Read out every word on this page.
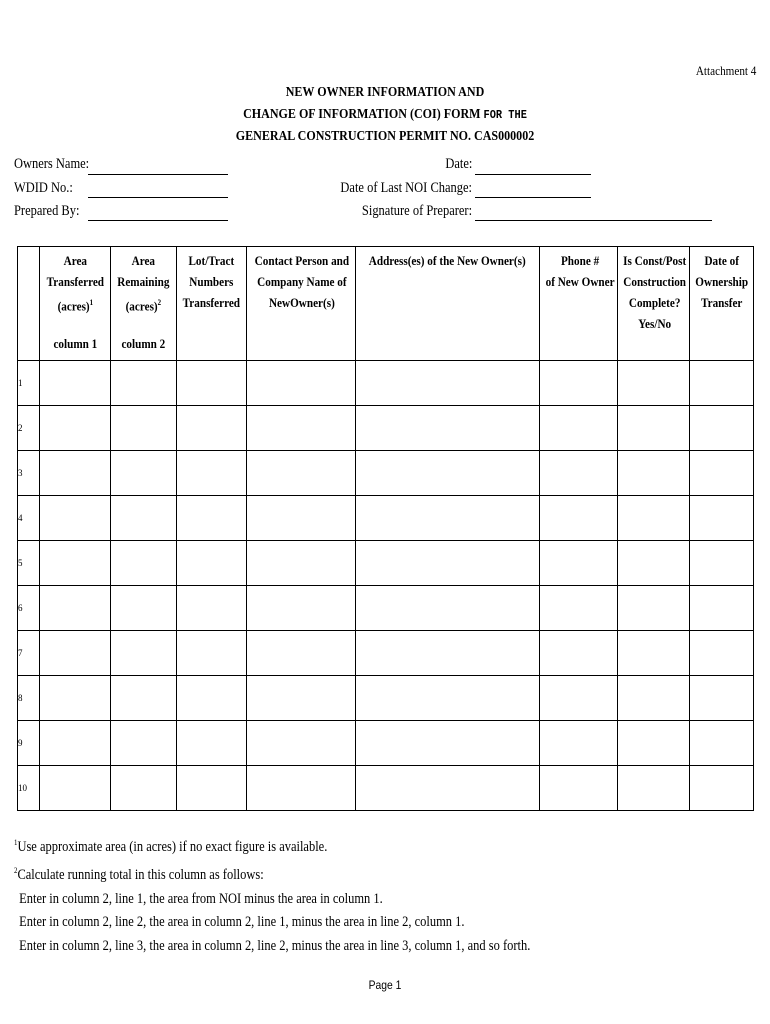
Attachment 4
NEW OWNER INFORMATION AND
CHANGE OF INFORMATION (COI) FORM FOR THE
GENERAL CONSTRUCTION PERMIT NO. CAS000002
Owners Name:
WDID No.:
Prepared By:
Date:
Date of Last NOI Change:
Signature of Preparer:
	Area
Transferred
(acres)$^1$
column 1	Area
Remaining
(acres)$^2$
column 2	Lot/Tract
Numbers
Transferred	Contact Person and
Company Name of
NewOwner(s)	Address(es) of the New Owner(s)	Phone #
of New Owner	Is Const/Post
Construction
Complete?
Yes/No	Date of
Ownership
Transfer
1								
2								
3								
4								
5								
6								
7								
8								
9								
10								
$^1$Use approximate area (in acres) if no exact figure is available.
$^2$Calculate running total in this column as follows:
Enter in column 2, line 1, the area from NOI minus the area in column 1.
Enter in column 2, line 2, the area in column 2, line 1, minus the area in line 2, column 1.
Enter in column 2, line 3, the area in column 2, line 2, minus the area in line 3, column 1, and so forth.
Page 1
